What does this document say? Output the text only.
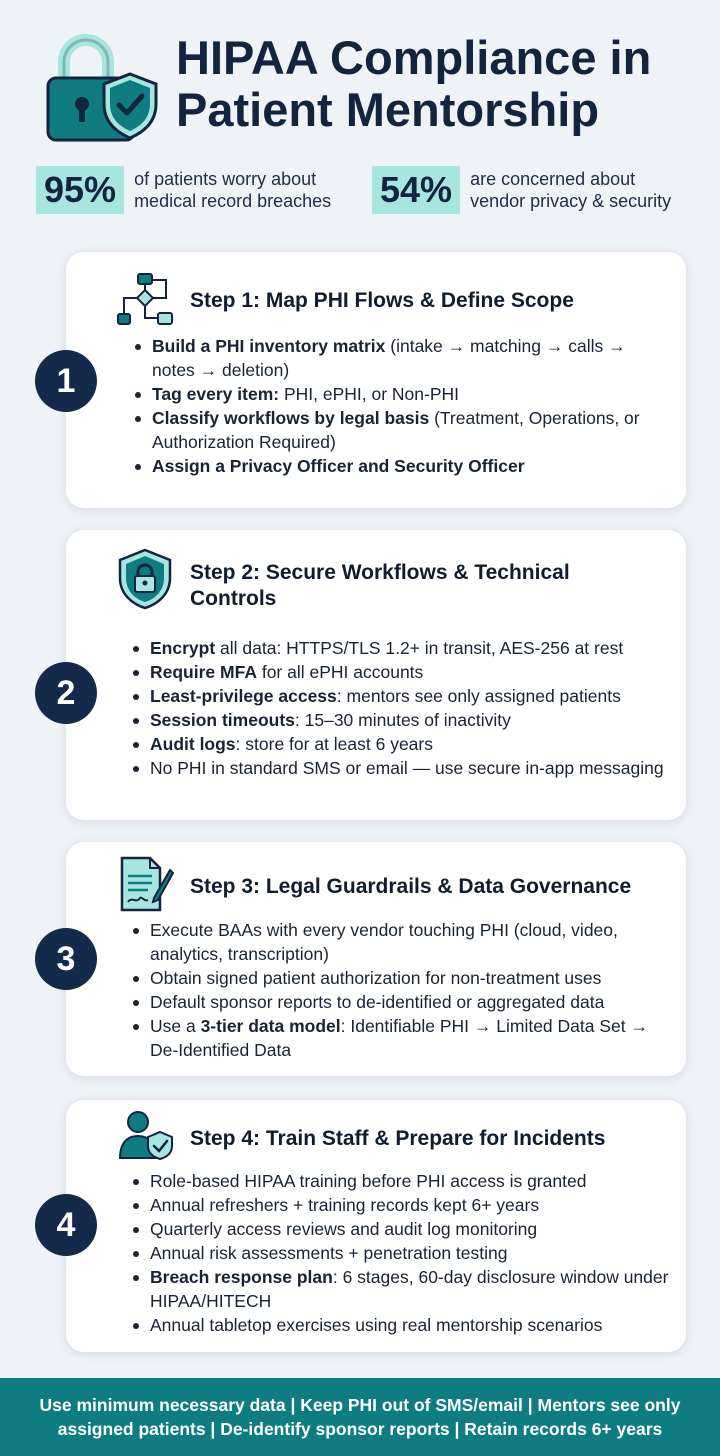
HIPAA Compliance in
Patient Mentorship
95%	of patients worry about
medical record breaches 54%	are concerned about
vendor privacy & security
1
Step 1: Map PHI Flows & Define Scope
Build a PHI inventory matrix (intake → matching → calls → notes → deletion)
Tag every item: PHI, ePHI, or Non-PHI
Classify workflows by legal basis (Treatment, Operations, or Authorization Required)
Assign a Privacy Officer and Security Officer
2
Step 2: Secure Workflows & Technical Controls
Encrypt all data: HTTPS/TLS 1.2+ in transit, AES-256 at rest
Require MFA for all ePHI accounts
Least-privilege access: mentors see only assigned patients
Session timeouts: 15–30 minutes of inactivity
Audit logs: store for at least 6 years
No PHI in standard SMS or email — use secure in-app messaging
3
Step 3: Legal Guardrails & Data Governance
Execute BAAs with every vendor touching PHI (cloud, video, analytics, transcription)
Obtain signed patient authorization for non-treatment uses
Default sponsor reports to de-identified or aggregated data
Use a 3-tier data model: Identifiable PHI → Limited Data Set → De-Identified Data
4
Step 4: Train Staff & Prepare for Incidents
Role-based HIPAA training before PHI access is granted
Annual refreshers + training records kept 6+ years
Quarterly access reviews and audit log monitoring
Annual risk assessments + penetration testing
Breach response plan: 6 stages, 60-day disclosure window under HIPAA/HITECH
Annual tabletop exercises using real mentorship scenarios
Use minimum necessary data | Keep PHI out of SMS/email | Mentors see only
assigned patients | De-identify sponsor reports | Retain records 6+ years
